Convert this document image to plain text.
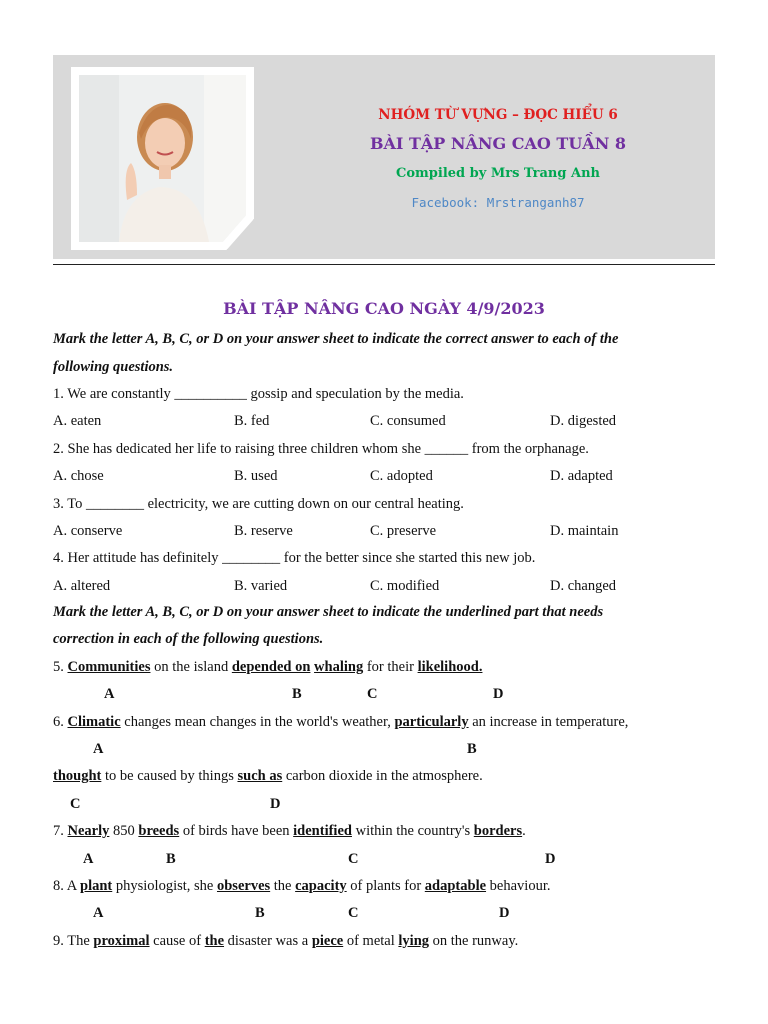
NHÓM TỪ VỰNG – ĐỌC HIỂU 6
BÀI TẬP NÂNG CAO TUẦN 8
Compiled by Mrs Trang Anh
Facebook: Mrstranganh87
BÀI TẬP NÂNG CAO NGÀY 4/9/2023
Mark the letter A, B, C, or D on your answer sheet to indicate the correct answer to each of the
following questions.
1. We are constantly __________ gossip and speculation by the media.
A. eaten	B. fed	C. consumed	D. digested
2. She has dedicated her life to raising three children whom she ______ from the orphanage.
A. chose	B. used	C. adopted	D. adapted
3. To ________ electricity, we are cutting down on our central heating.
A. conserve	B. reserve	C. preserve	D. maintain
4. Her attitude has definitely ________ for the better since she started this new job.
A. altered	B. varied	C. modified	D. changed
Mark the letter A, B, C, or D on your answer sheet to indicate the underlined part that needs
correction in each of the following questions.
5. Communities on the island depended on whaling for their likelihood.
A	B	C	D
6. Climatic changes mean changes in the world's weather, particularly an increase in temperature,
A	B
thought to be caused by things such as carbon dioxide in the atmosphere.
C	D
7. Nearly 850 breeds of birds have been identified within the country's borders.
A	B	C	D
8. A plant physiologist, she observes the capacity of plants for adaptable behaviour.
A	B	C	D
9. The proximal cause of the disaster was a piece of metal lying on the runway.
